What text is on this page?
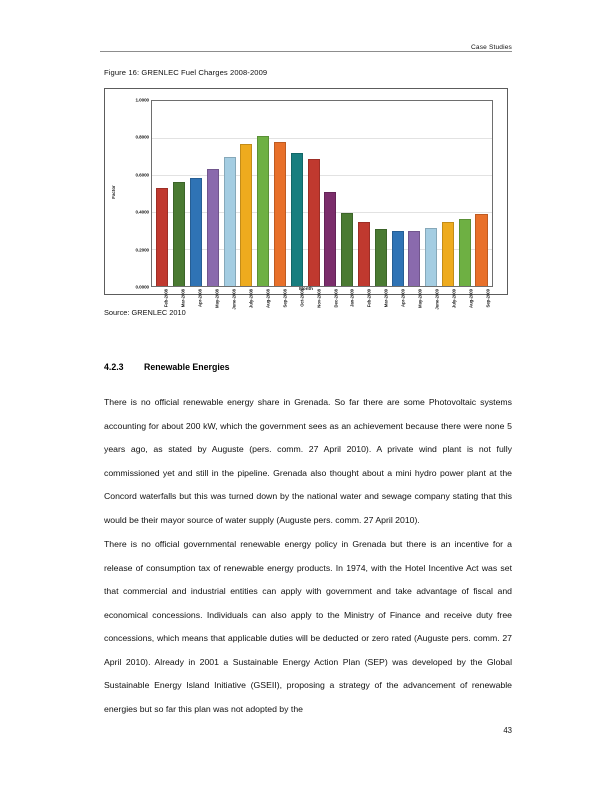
Case Studies
Figure 16: GRENLEC Fuel Charges 2008-2009
Factor
1.0000
0.8000
0.6000
0.4000
0.2000
0.0000
Feb-2008	Mar-2008	Apr-2008	May-2008	June-2008	July-2008	Aug-2008	Sep-2008	Oct-2008	Nov-2008	Dec-2008	Jan-2009	Feb-2009	Mar-2009	Apr-2009	May-2009	June-2009	July-2009	Aug-2009	Sep-2009
Month
Source: GRENLEC 2010
4.2.3 Renewable Energies
There is no official renewable energy share in Grenada. So far there are some Photovoltaic systems accounting for about 200 kW, which the government sees as an achievement because there were none 5 years ago, as stated by Auguste (pers. comm. 27 April 2010). A private wind plant is not fully commissioned yet and still in the pipeline. Grenada also thought about a mini hydro power plant at the Concord waterfalls but this was turned down by the national water and sewage company stating that this would be their mayor source of water supply (Auguste pers. comm. 27 April 2010).
There is no official governmental renewable energy policy in Grenada but there is an incentive for a release of consumption tax of renewable energy products. In 1974, with the Hotel Incentive Act was set that commercial and industrial entities can apply with government and take advantage of fiscal and economical concessions. Individuals can also apply to the Ministry of Finance and receive duty free concessions, which means that applicable duties will be deducted or zero rated (Auguste pers. comm. 27 April 2010). Already in 2001 a Sustainable Energy Action Plan (SEP) was developed by the Global Sustainable Energy Island Initiative (GSEII), proposing a strategy of the advancement of renewable energies but so far this plan was not adopted by the
43
